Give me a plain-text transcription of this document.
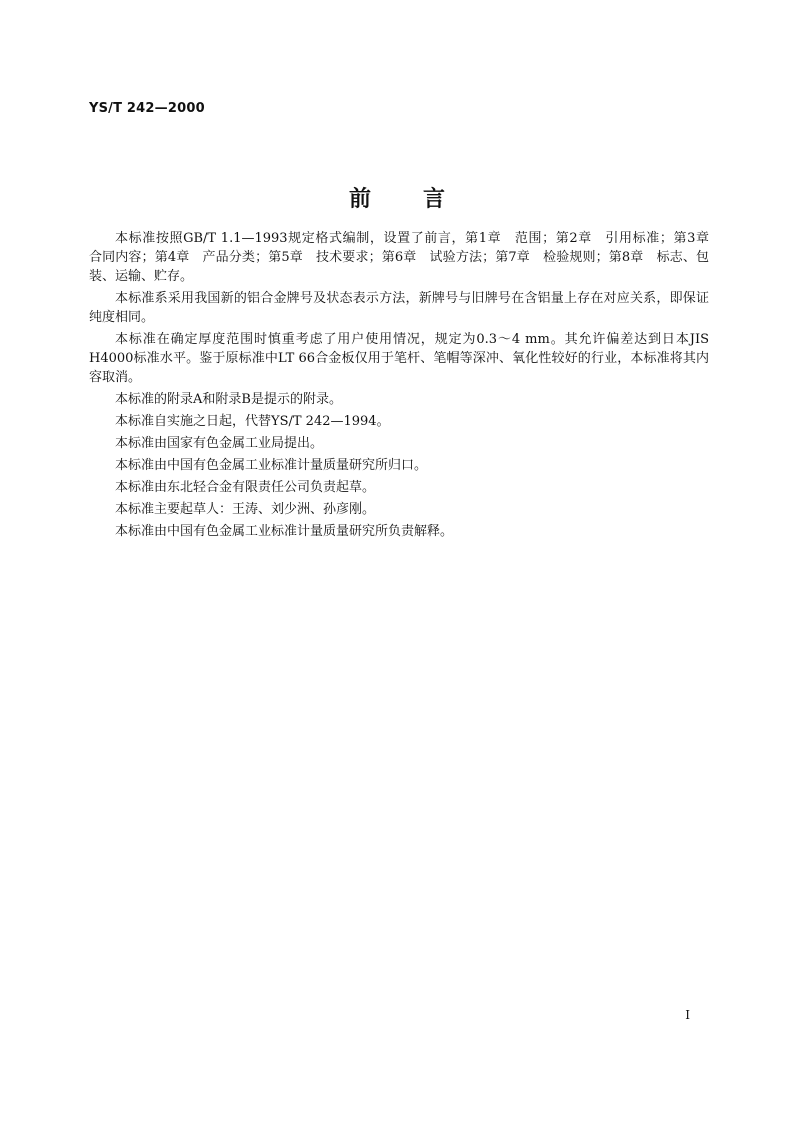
YS/T 242—2000
前言

本标准按照GB/T 1.1—1993规定格式编制，设置了前言，第1章　范围；第2章　引用标准；第3章　合同内容；第4章　产品分类；第5章　技术要求；第6章　试验方法；第7章　检验规则；第8章　标志、包装、运输、贮存。

本标准系采用我国新的铝合金牌号及状态表示方法，新牌号与旧牌号在含铝量上存在对应关系，即保证纯度相同。

本标准在确定厚度范围时慎重考虑了用户使用情况，规定为0.3～4 mm。其允许偏差达到日本JIS H4000标准水平。鉴于原标准中LT 66合金板仅用于笔杆、笔帽等深冲、氧化性较好的行业，本标准将其内容取消。

本标准的附录A和附录B是提示的附录。

本标准自实施之日起，代替YS/T 242—1994。

本标准由国家有色金属工业局提出。

本标准由中国有色金属工业标准计量质量研究所归口。

本标准由东北轻合金有限责任公司负责起草。

本标准主要起草人：王涛、刘少洲、孙彦刚。

本标准由中国有色金属工业标准计量质量研究所负责解释。

I
